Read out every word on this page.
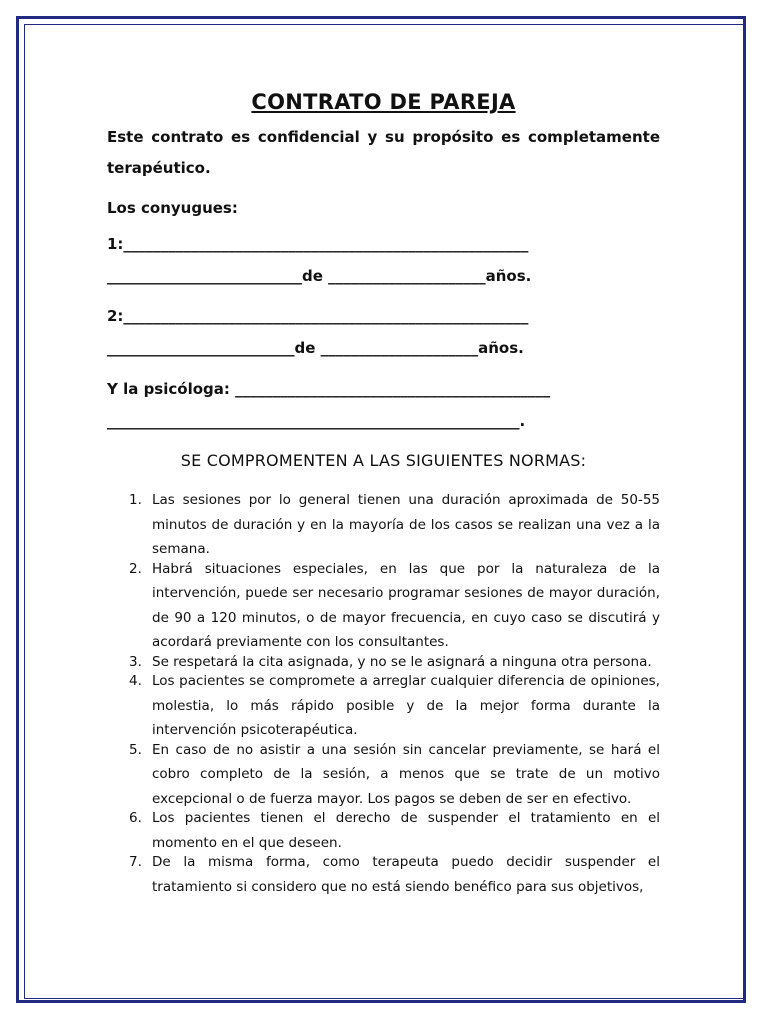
CONTRATO DE PAREJA

Este contrato es confidencial y su propósito es completamente terapéutico.

Los conyugues:

1:______________________________________________________
__________________________de _____________________años.
2:______________________________________________________
_________________________de _____________________años.
Y la psicóloga: __________________________________________
_______________________________________________________.
SE COMPROMENTEN A LAS SIGUIENTES NORMAS:
1. Las sesiones por lo general tienen una duración aproximada de 50-55 minutos de duración y en la mayoría de los casos se realizan una vez a la semana.
2. Habrá situaciones especiales, en las que por la naturaleza de la intervención, puede ser necesario programar sesiones de mayor duración, de 90 a 120 minutos, o de mayor frecuencia, en cuyo caso se discutirá y acordará previamente con los consultantes.
3. Se respetará la cita asignada, y no se le asignará a ninguna otra persona.
4. Los pacientes se compromete a arreglar cualquier diferencia de opiniones, molestia, lo más rápido posible y de la mejor forma durante la intervención psicoterapéutica.
5. En caso de no asistir a una sesión sin cancelar previamente, se hará el cobro completo de la sesión, a menos que se trate de un motivo excepcional o de fuerza mayor. Los pagos se deben de ser en efectivo.
6. Los pacientes tienen el derecho de suspender el tratamiento en el momento en el que deseen.
7. De la misma forma, como terapeuta puedo decidir suspender el tratamiento si considero que no está siendo benéfico para sus objetivos,
